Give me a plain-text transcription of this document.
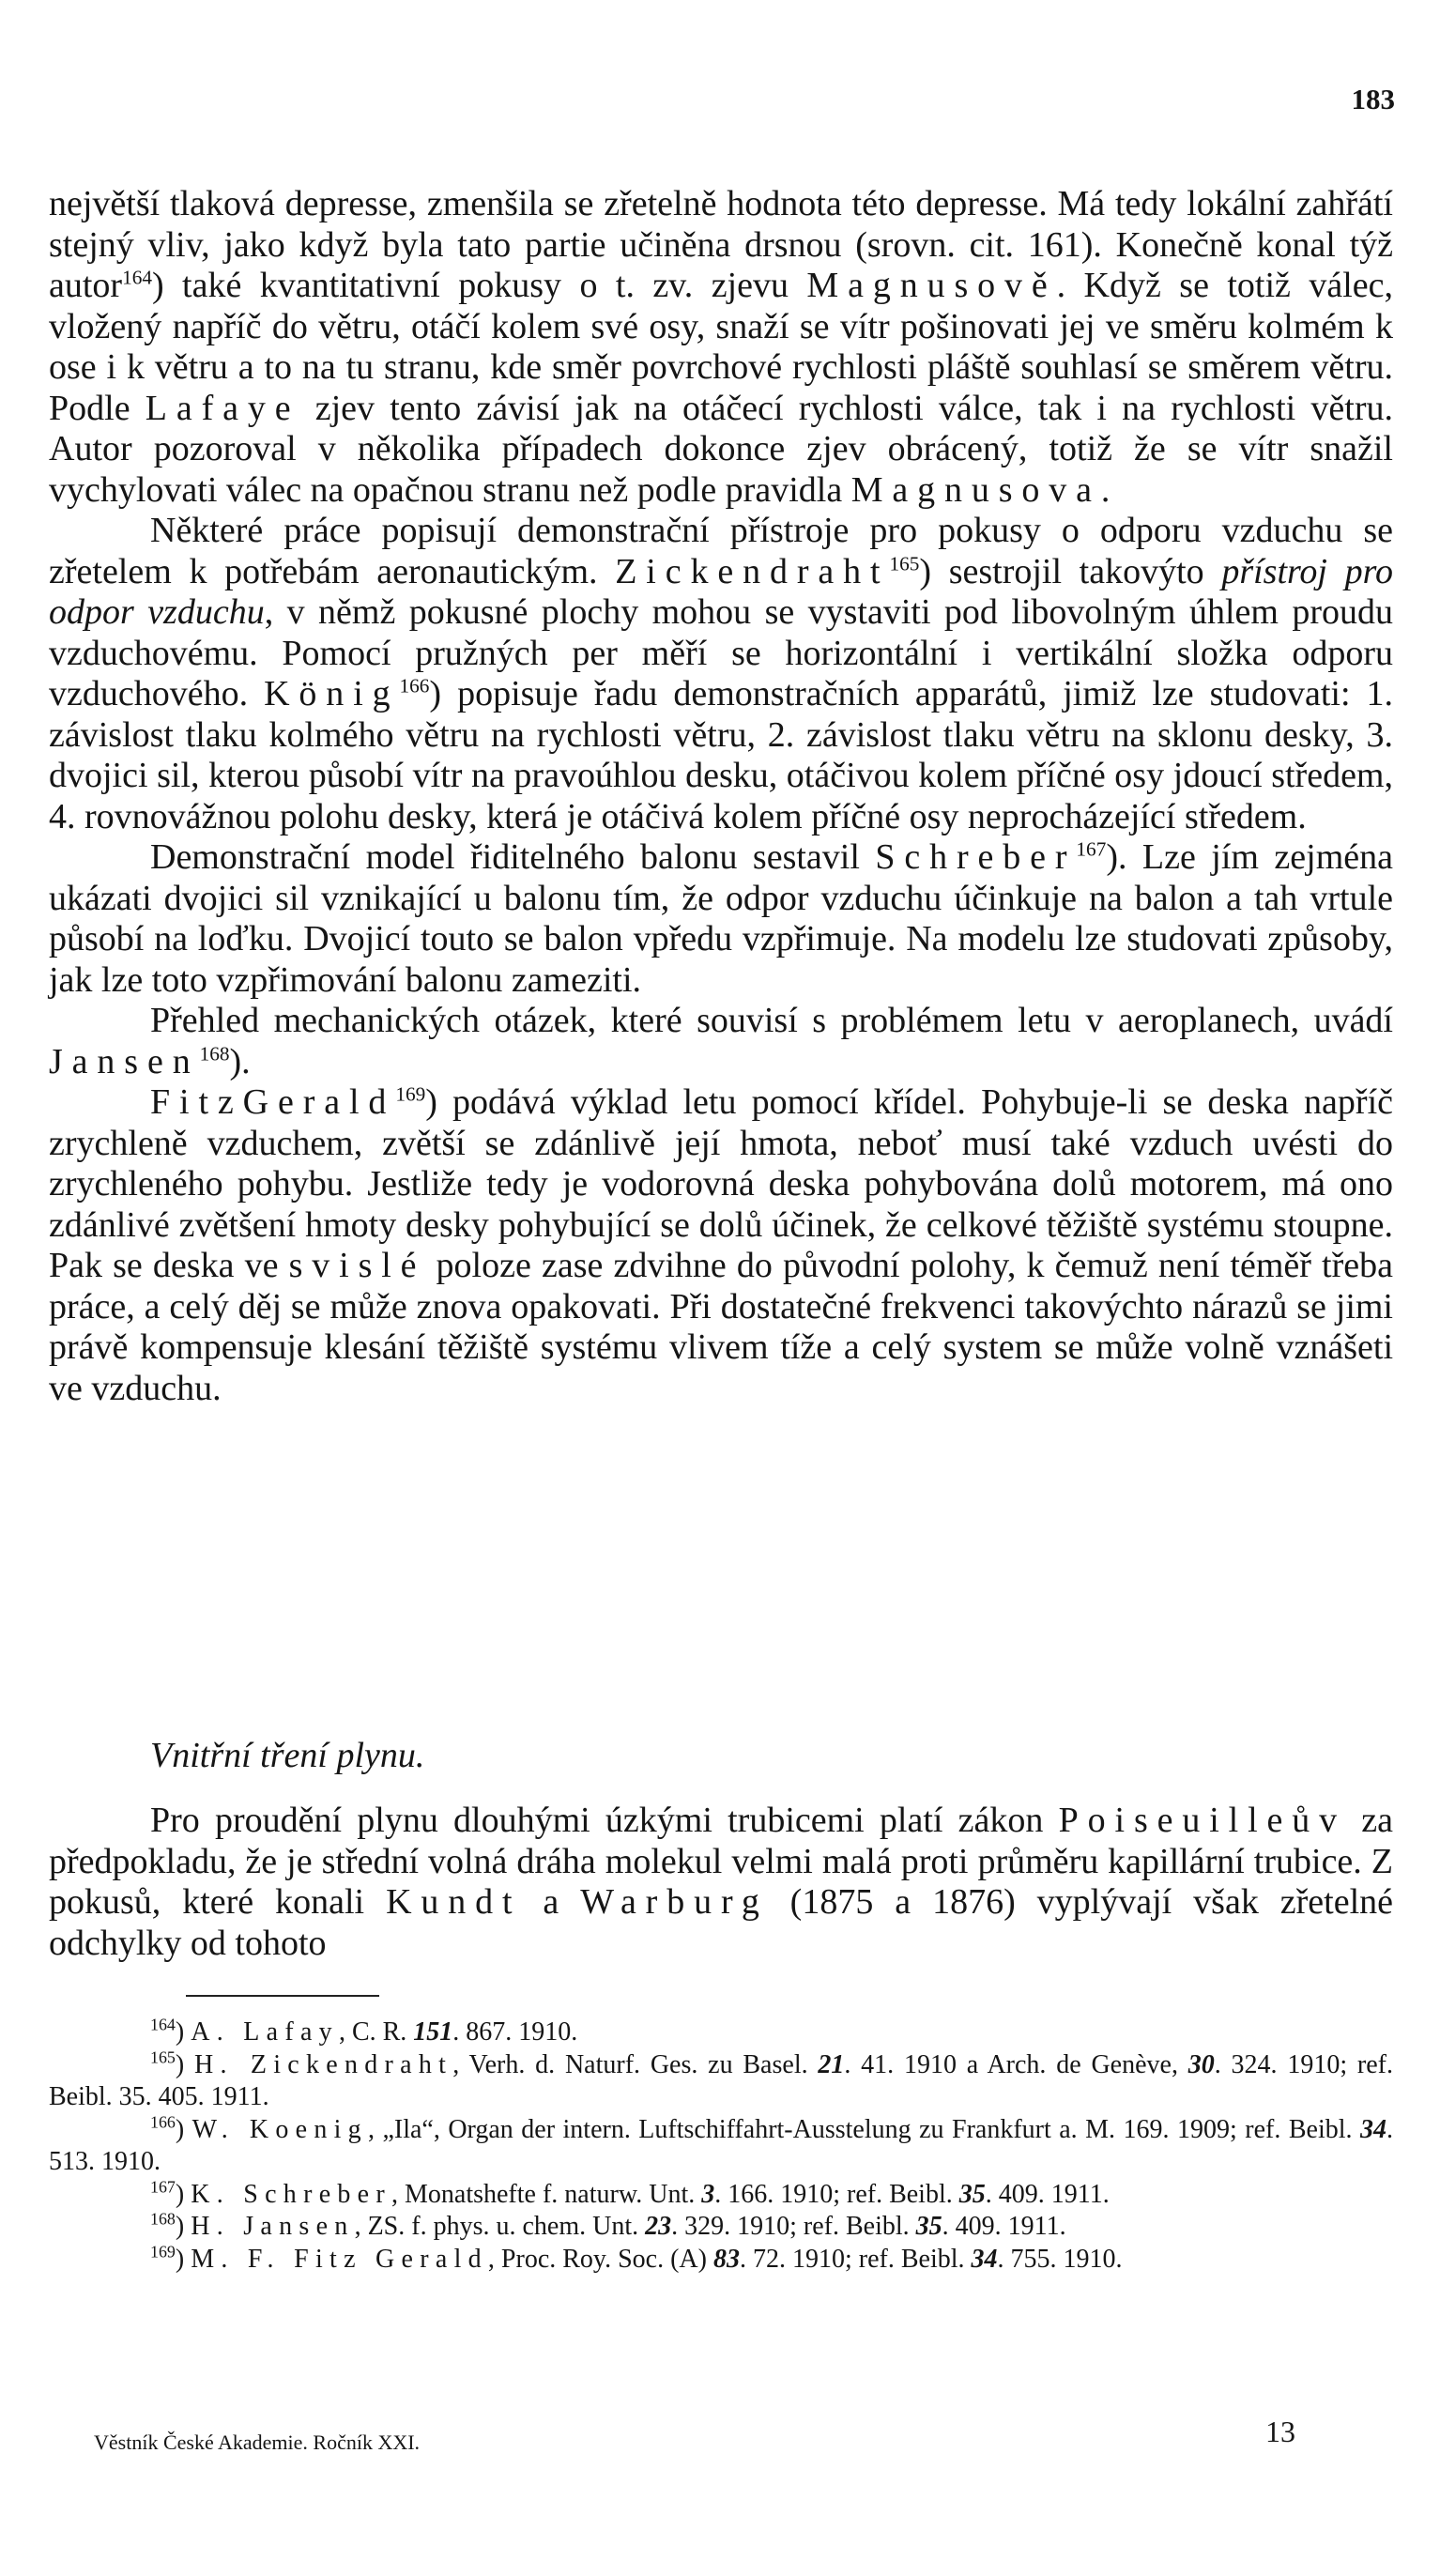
183

největší tlaková depresse, zmenšila se zřetelně hodnota této depresse. Má tedy lokální zahřátí stejný vliv, jako když byla tato partie učiněna drsnou (srovn. cit. 161). Konečně konal týž autor$^{164}$) také kvantitativní pokusy o t. zv. zjevu Magnusově. Když se totiž válec, vložený napříč do větru, otáčí kolem své osy, snaží se vítr pošinovati jej ve směru kolmém k ose i k větru a to na tu stranu, kde směr povrchové rychlosti pláště souhlasí se směrem větru. Podle Lafaye zjev tento závisí jak na otáčecí rychlosti válce, tak i na rychlosti větru. Autor pozoroval v několika případech dokonce zjev obrácený, totiž že se vítr snažil vychylovati válec na opačnou stranu než podle pravidla Magnusova.

Některé práce popisují demonstrační přístroje pro pokusy o odporu vzduchu se zřetelem k potřebám aeronautickým. Zickendraht$^{165}$) sestrojil takovýto přístroj pro odpor vzduchu, v němž pokusné plochy mohou se vystaviti pod libovolným úhlem proudu vzduchovému. Pomocí pružných per měří se horizontální i vertikální složka odporu vzduchového. König$^{166}$) popisuje řadu demonstračních apparátů, jimiž lze studovati: 1. závislost tlaku kolmého větru na rychlosti větru, 2. závislost tlaku větru na sklonu desky, 3. dvojici sil, kterou působí vítr na pravoúhlou desku, otáčivou kolem příčné osy jdoucí středem, 4. rovnovážnou polohu desky, která je otáčivá kolem příčné osy neprocházející středem.

Demonstrační model řiditelného balonu sestavil Schreber$^{167}$). Lze jím zejména ukázati dvojici sil vznikající u balonu tím, že odpor vzduchu účinkuje na balon a tah vrtule působí na loďku. Dvojicí touto se balon vpředu vzpřimuje. Na modelu lze studovati způsoby, jak lze toto vzpřimování balonu zameziti.

Přehled mechanických otázek, které souvisí s problémem letu v aeroplanech, uvádí Jansen$^{168}$).

FitzGerald$^{169}$) podává výklad letu pomocí křídel. Pohybuje-li se deska napříč zrychleně vzduchem, zvětší se zdánlivě její hmota, neboť musí také vzduch uvésti do zrychleného pohybu. Jestliže tedy je vodorovná deska pohybována dolů motorem, má ono zdánlivé zvětšení hmoty desky pohybující se dolů účinek, že celkové těžiště systému stoupne. Pak se deska ve svislé poloze zase zdvihne do původní polohy, k čemuž není téměř třeba práce, a celý děj se může znova opakovati. Při dostatečné frekvenci takovýchto nárazů se jimi právě kompensuje klesání těžiště systému vlivem tíže a celý system se může volně vznášeti ve vzduchu.

Vnitřní tření plynu.

Pro proudění plynu dlouhými úzkými trubicemi platí zákon Poiseuilleův za předpokladu, že je střední volná dráha molekul velmi malá proti průměru kapillární trubice. Z pokusů, které konali Kundt a Warburg (1875 a 1876) vyplývají však zřetelné odchylky od tohoto

$^{164}$) A. Lafay, C. R. 151. 867. 1910.
$^{165}$) H. Zickendraht, Verh. d. Naturf. Ges. zu Basel. 21. 41. 1910 a Arch. de Genève, 30. 324. 1910; ref. Beibl. 35. 405. 1911.
$^{166}$) W. Koenig, „Ila“, Organ der intern. Luftschiffahrt-Ausstelung zu Frankfurt a. M. 169. 1909; ref. Beibl. 34. 513. 1910.
$^{167}$) K. Schreber, Monatshefte f. naturw. Unt. 3. 166. 1910; ref. Beibl. 35. 409. 1911.
$^{168}$) H. Jansen, ZS. f. phys. u. chem. Unt. 23. 329. 1910; ref. Beibl. 35. 409. 1911.
$^{169}$) M. F. Fitz Gerald, Proc. Roy. Soc. (A) 83. 72. 1910; ref. Beibl. 34. 755. 1910.
Věstník České Akademie. Ročník XXI.	13
